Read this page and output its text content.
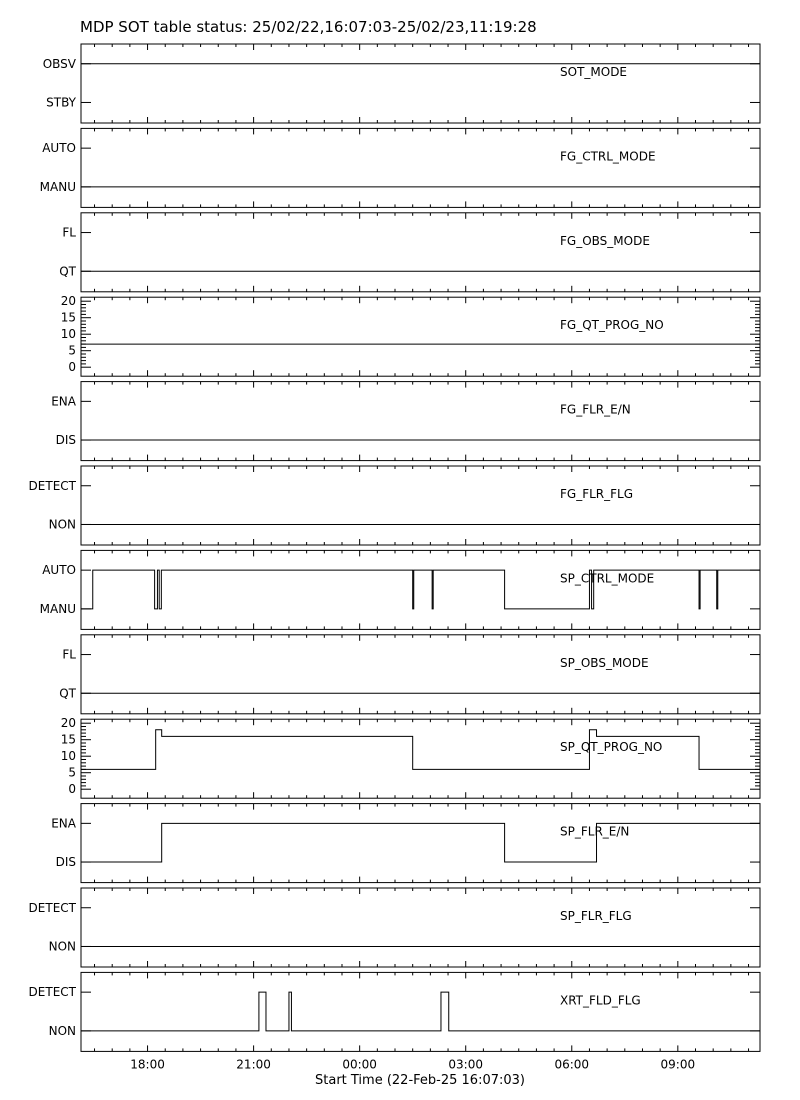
MDP SOT table status: 25/02/22,16:07:03-25/02/23,11:19:28
STBY
OBSV
SOT_MODE
MANU
AUTO
FG_CTRL_MODE
QT
FL
FG_OBS_MODE
0
5
10
15
20
FG_QT_PROG_NO
DIS
ENA
FG_FLR_E/N
NON
DETECT
FG_FLR_FLG
MANU
AUTO
SP_CTRL_MODE
QT
FL
SP_OBS_MODE
0
5
10
15
20
SP_QT_PROG_NO
DIS
ENA
SP_FLR_E/N
NON
DETECT
SP_FLR_FLG
NON
DETECT
XRT_FLD_FLG
18:00	21:00	00:00	03:00	06:00	09:00
Start Time (22-Feb-25 16:07:03)
